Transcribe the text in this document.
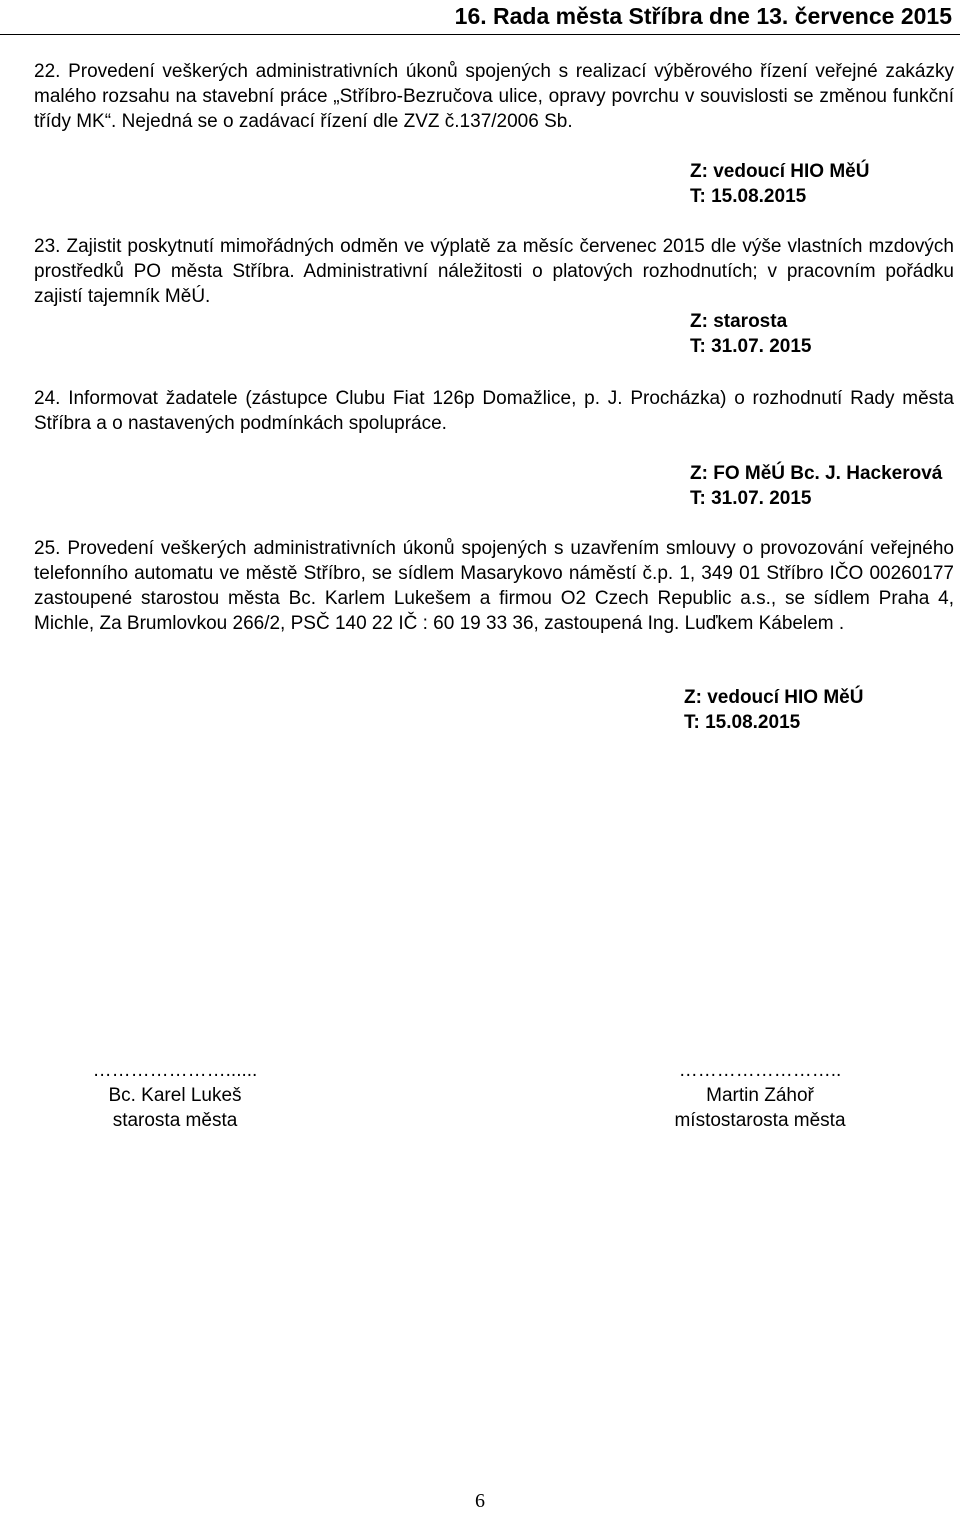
16. Rada města Stříbra dne 13. července 2015
22. Provedení veškerých administrativních úkonů spojených s realizací výběrového řízení veřejné zakázky malého rozsahu na stavební práce „Stříbro-Bezručova ulice, opravy povrchu v souvislosti se změnou funkční třídy MK“. Nejedná se o zadávací řízení dle ZVZ č.137/2006 Sb.
Z: vedoucí HIO MěÚ
T: 15.08.2015
23. Zajistit poskytnutí mimořádných odměn ve výplatě za měsíc červenec 2015 dle výše vlastních mzdových prostředků PO města Stříbra. Administrativní náležitosti o platových rozhodnutích; v pracovním pořádku zajistí tajemník MěÚ.
Z: starosta
T: 31.07. 2015
24. Informovat žadatele (zástupce Clubu Fiat 126p Domažlice, p. J. Procházka) o rozhodnutí Rady města Stříbra a o nastavených podmínkách spolupráce.
Z: FO MěÚ Bc. J. Hackerová
T: 31.07. 2015
25. Provedení veškerých administrativních úkonů spojených s uzavřením smlouvy o provozování veřejného telefonního automatu ve městě Stříbro, se sídlem Masarykovo náměstí č.p. 1, 349 01 Stříbro IČO 00260177 zastoupené starostou města Bc. Karlem Lukešem a firmou O2 Czech Republic a.s., se sídlem Praha 4, Michle, Za Brumlovkou 266/2, PSČ 140 22 IČ : 60 19 33 36, zastoupená Ing. Luďkem Kábelem .
Z: vedoucí HIO MěÚ
T: 15.08.2015
…………………......
Bc. Karel Lukeš
starosta města
……………………..
Martin Záhoř
místostarosta města
6
